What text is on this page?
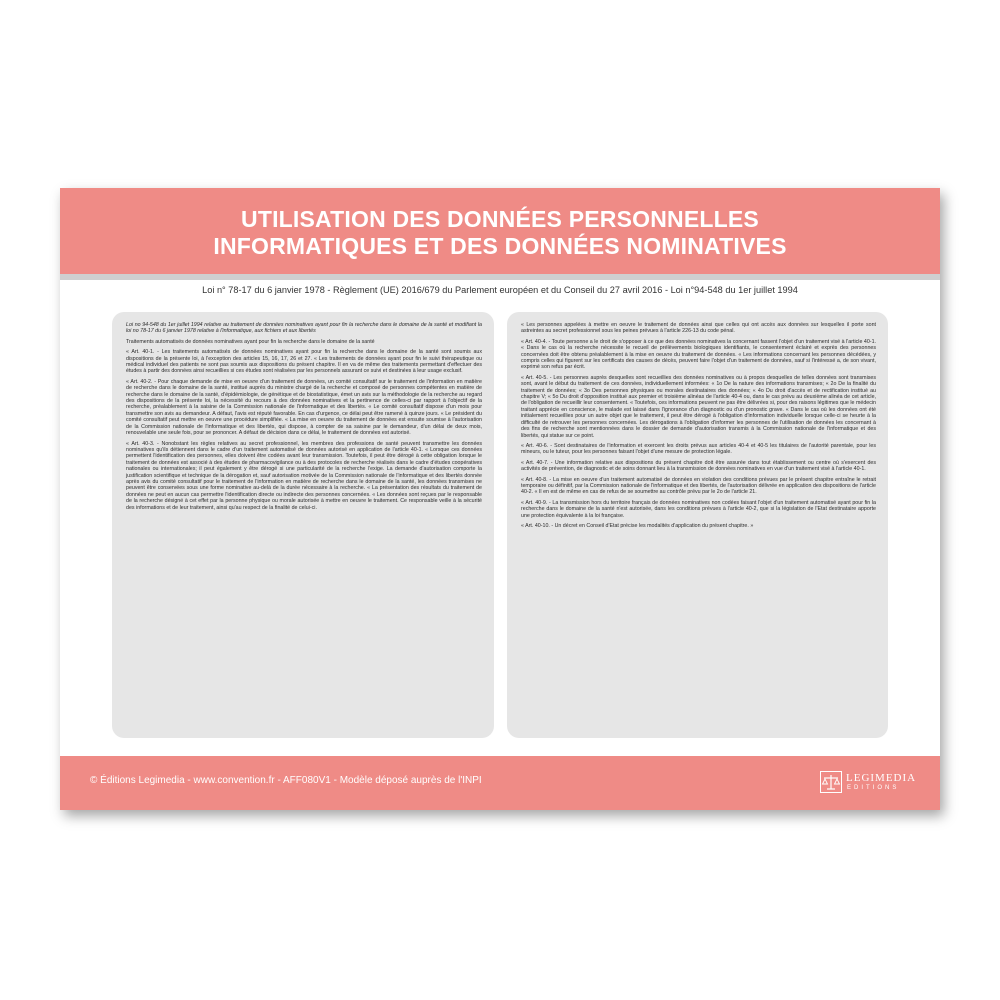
UTILISATION DES DONNÉES PERSONNELLES
INFORMATIQUES ET DES DONNÉES NOMINATIVES
Loi n° 78-17 du 6 janvier 1978 - Règlement (UE) 2016/679 du Parlement européen et du Conseil du 27 avril 2016 - Loi n°94-548 du 1er juillet 1994

Loi no 94-548 du 1er juillet 1994 relative au traitement de données nominatives ayant pour fin la recherche dans le domaine de la santé et modifiant la loi no 78-17 du 6 janvier 1978 relative à l'informatique, aux fichiers et aux libertés

Traitements automatisés de données nominatives ayant pour fin la recherche dans le domaine de la santé

« Art. 40-1. - Les traitements automatisés de données nominatives ayant pour fin la recherche dans le domaine de la santé sont soumis aux dispositions de la présente loi, à l'exception des articles 15, 16, 17, 26 et 27. « Les traitements de données ayant pour fin le suivi thérapeutique ou médical individuel des patients ne sont pas soumis aux dispositions du présent chapitre. Il en va de même des traitements permettant d'effectuer des études à partir des données ainsi recueillies si ces études sont réalisées par les personnels assurant ce suivi et destinées à leur usage exclusif.

« Art. 40-2. - Pour chaque demande de mise en oeuvre d'un traitement de données, un comité consultatif sur le traitement de l'information en matière de recherche dans le domaine de la santé, institué auprès du ministre chargé de la recherche et composé de personnes compétentes en matière de recherche dans le domaine de la santé, d'épidémiologie, de génétique et de biostatistique, émet un avis sur la méthodologie de la recherche au regard des dispositions de la présente loi, la nécessité du recours à des données nominatives et la pertinence de celles-ci par rapport à l'objectif de la recherche, préalablement à la saisine de la Commission nationale de l'informatique et des libertés. « Le comité consultatif dispose d'un mois pour transmettre son avis au demandeur. A défaut, l'avis est réputé favorable. En cas d'urgence, ce délai peut être ramené à quinze jours. « Le président du comité consultatif peut mettre en oeuvre une procédure simplifiée. « La mise en oeuvre du traitement de données est ensuite soumise à l'autorisation de la Commission nationale de l'informatique et des libertés, qui dispose, à compter de sa saisine par le demandeur, d'un délai de deux mois, renouvelable une seule fois, pour se prononcer. A défaut de décision dans ce délai, le traitement de données est autorisé.

« Art. 40-3. - Nonobstant les règles relatives au secret professionnel, les membres des professions de santé peuvent transmettre les données nominatives qu'ils détiennent dans le cadre d'un traitement automatisé de données autorisé en application de l'article 40-1. « Lorsque ces données permettent l'identification des personnes, elles doivent être codées avant leur transmission. Toutefois, il peut être dérogé à cette obligation lorsque le traitement de données est associé à des études de pharmacovigilance ou à des protocoles de recherche réalisés dans le cadre d'études coopératives nationales ou internationales; il peut également y être dérogé si une particularité de la recherche l'exige. La demande d'autorisation comporte la justification scientifique et technique de la dérogation et, sauf autorisation motivée de la Commission nationale de l'informatique et des libertés donnée après avis du comité consultatif pour le traitement de l'information en matière de recherche dans le domaine de la santé, les données transmises ne peuvent être conservées sous une forme nominative au-delà de la durée nécessaire à la recherche. « La présentation des résultats du traitement de données ne peut en aucun cas permettre l'identification directe ou indirecte des personnes concernées. « Les données sont reçues par le responsable de la recherche désigné à cet effet par la personne physique ou morale autorisée à mettre en oeuvre le traitement. Ce responsable veille à la sécurité des informations et de leur traitement, ainsi qu'au respect de la finalité de celui-ci.

« Les personnes appelées à mettre en oeuvre le traitement de données ainsi que celles qui ont accès aux données sur lesquelles il porte sont astreintes au secret professionnel sous les peines prévues à l'article 226-13 du code pénal.

« Art. 40-4. - Toute personne a le droit de s'opposer à ce que des données nominatives la concernant fassent l'objet d'un traitement visé à l'article 40-1. « Dans le cas où la recherche nécessite le recueil de prélèvements biologiques identifiants, le consentement éclairé et exprès des personnes concernées doit être obtenu préalablement à la mise en oeuvre du traitement de données. « Les informations concernant les personnes décédées, y compris celles qui figurent sur les certificats des causes de décès, peuvent faire l'objet d'un traitement de données, sauf si l'intéressé a, de son vivant, exprimé son refus par écrit.

« Art. 40-5. - Les personnes auprès desquelles sont recueillies des données nominatives ou à propos desquelles de telles données sont transmises sont, avant le début du traitement de ces données, individuellement informées: « 1o De la nature des informations transmises; « 2o De la finalité du traitement de données; « 3o Des personnes physiques ou morales destinataires des données; « 4o Du droit d'accès et de rectification institué au chapitre V; « 5o Du droit d'opposition institué aux premier et troisième alinéas de l'article 40-4 ou, dans le cas prévu au deuxième alinéa de cet article, de l'obligation de recueillir leur consentement. « Toutefois, ces informations peuvent ne pas être délivrées si, pour des raisons légitimes que le médecin traitant apprécie en conscience, le malade est laissé dans l'ignorance d'un diagnostic ou d'un pronostic grave. « Dans le cas où les données ont été initialement recueillies pour un autre objet que le traitement, il peut être dérogé à l'obligation d'information individuelle lorsque celle-ci se heurte à la difficulté de retrouver les personnes concernées. Les dérogations à l'obligation d'informer les personnes de l'utilisation de données les concernant à des fins de recherche sont mentionnées dans le dossier de demande d'autorisation transmis à la Commission nationale de l'informatique et des libertés, qui statue sur ce point.

« Art. 40-6. - Sont destinataires de l'information et exercent les droits prévus aux articles 40-4 et 40-5 les titulaires de l'autorité parentale, pour les mineurs, ou le tuteur, pour les personnes faisant l'objet d'une mesure de protection légale.

« Art. 40-7. - Une information relative aux dispositions du présent chapitre doit être assurée dans tout établissement ou centre où s'exercent des activités de prévention, de diagnostic et de soins donnant lieu à la transmission de données nominatives en vue d'un traitement visé à l'article 40-1.

« Art. 40-8. - La mise en oeuvre d'un traitement automatisé de données en violation des conditions prévues par le présent chapitre entraîne le retrait temporaire ou définitif, par la Commission nationale de l'informatique et des libertés, de l'autorisation délivrée en application des dispositions de l'article 40-2. « Il en est de même en cas de refus de se soumettre au contrôle prévu par le 2o de l'article 21.

« Art. 40-9. - La transmission hors du territoire français de données nominatives non codées faisant l'objet d'un traitement automatisé ayant pour fin la recherche dans le domaine de la santé n'est autorisée, dans les conditions prévues à l'article 40-2, que si la législation de l'Etat destinataire apporte une protection équivalente à la loi française.

« Art. 40-10. - Un décret en Conseil d'Etat précise les modalités d'application du présent chapitre. »

© Éditions Legimedia - www.convention.fr - AFF080V1 - Modèle déposé auprès de l'INPI	LEGIMEDIA
EDITIONS
